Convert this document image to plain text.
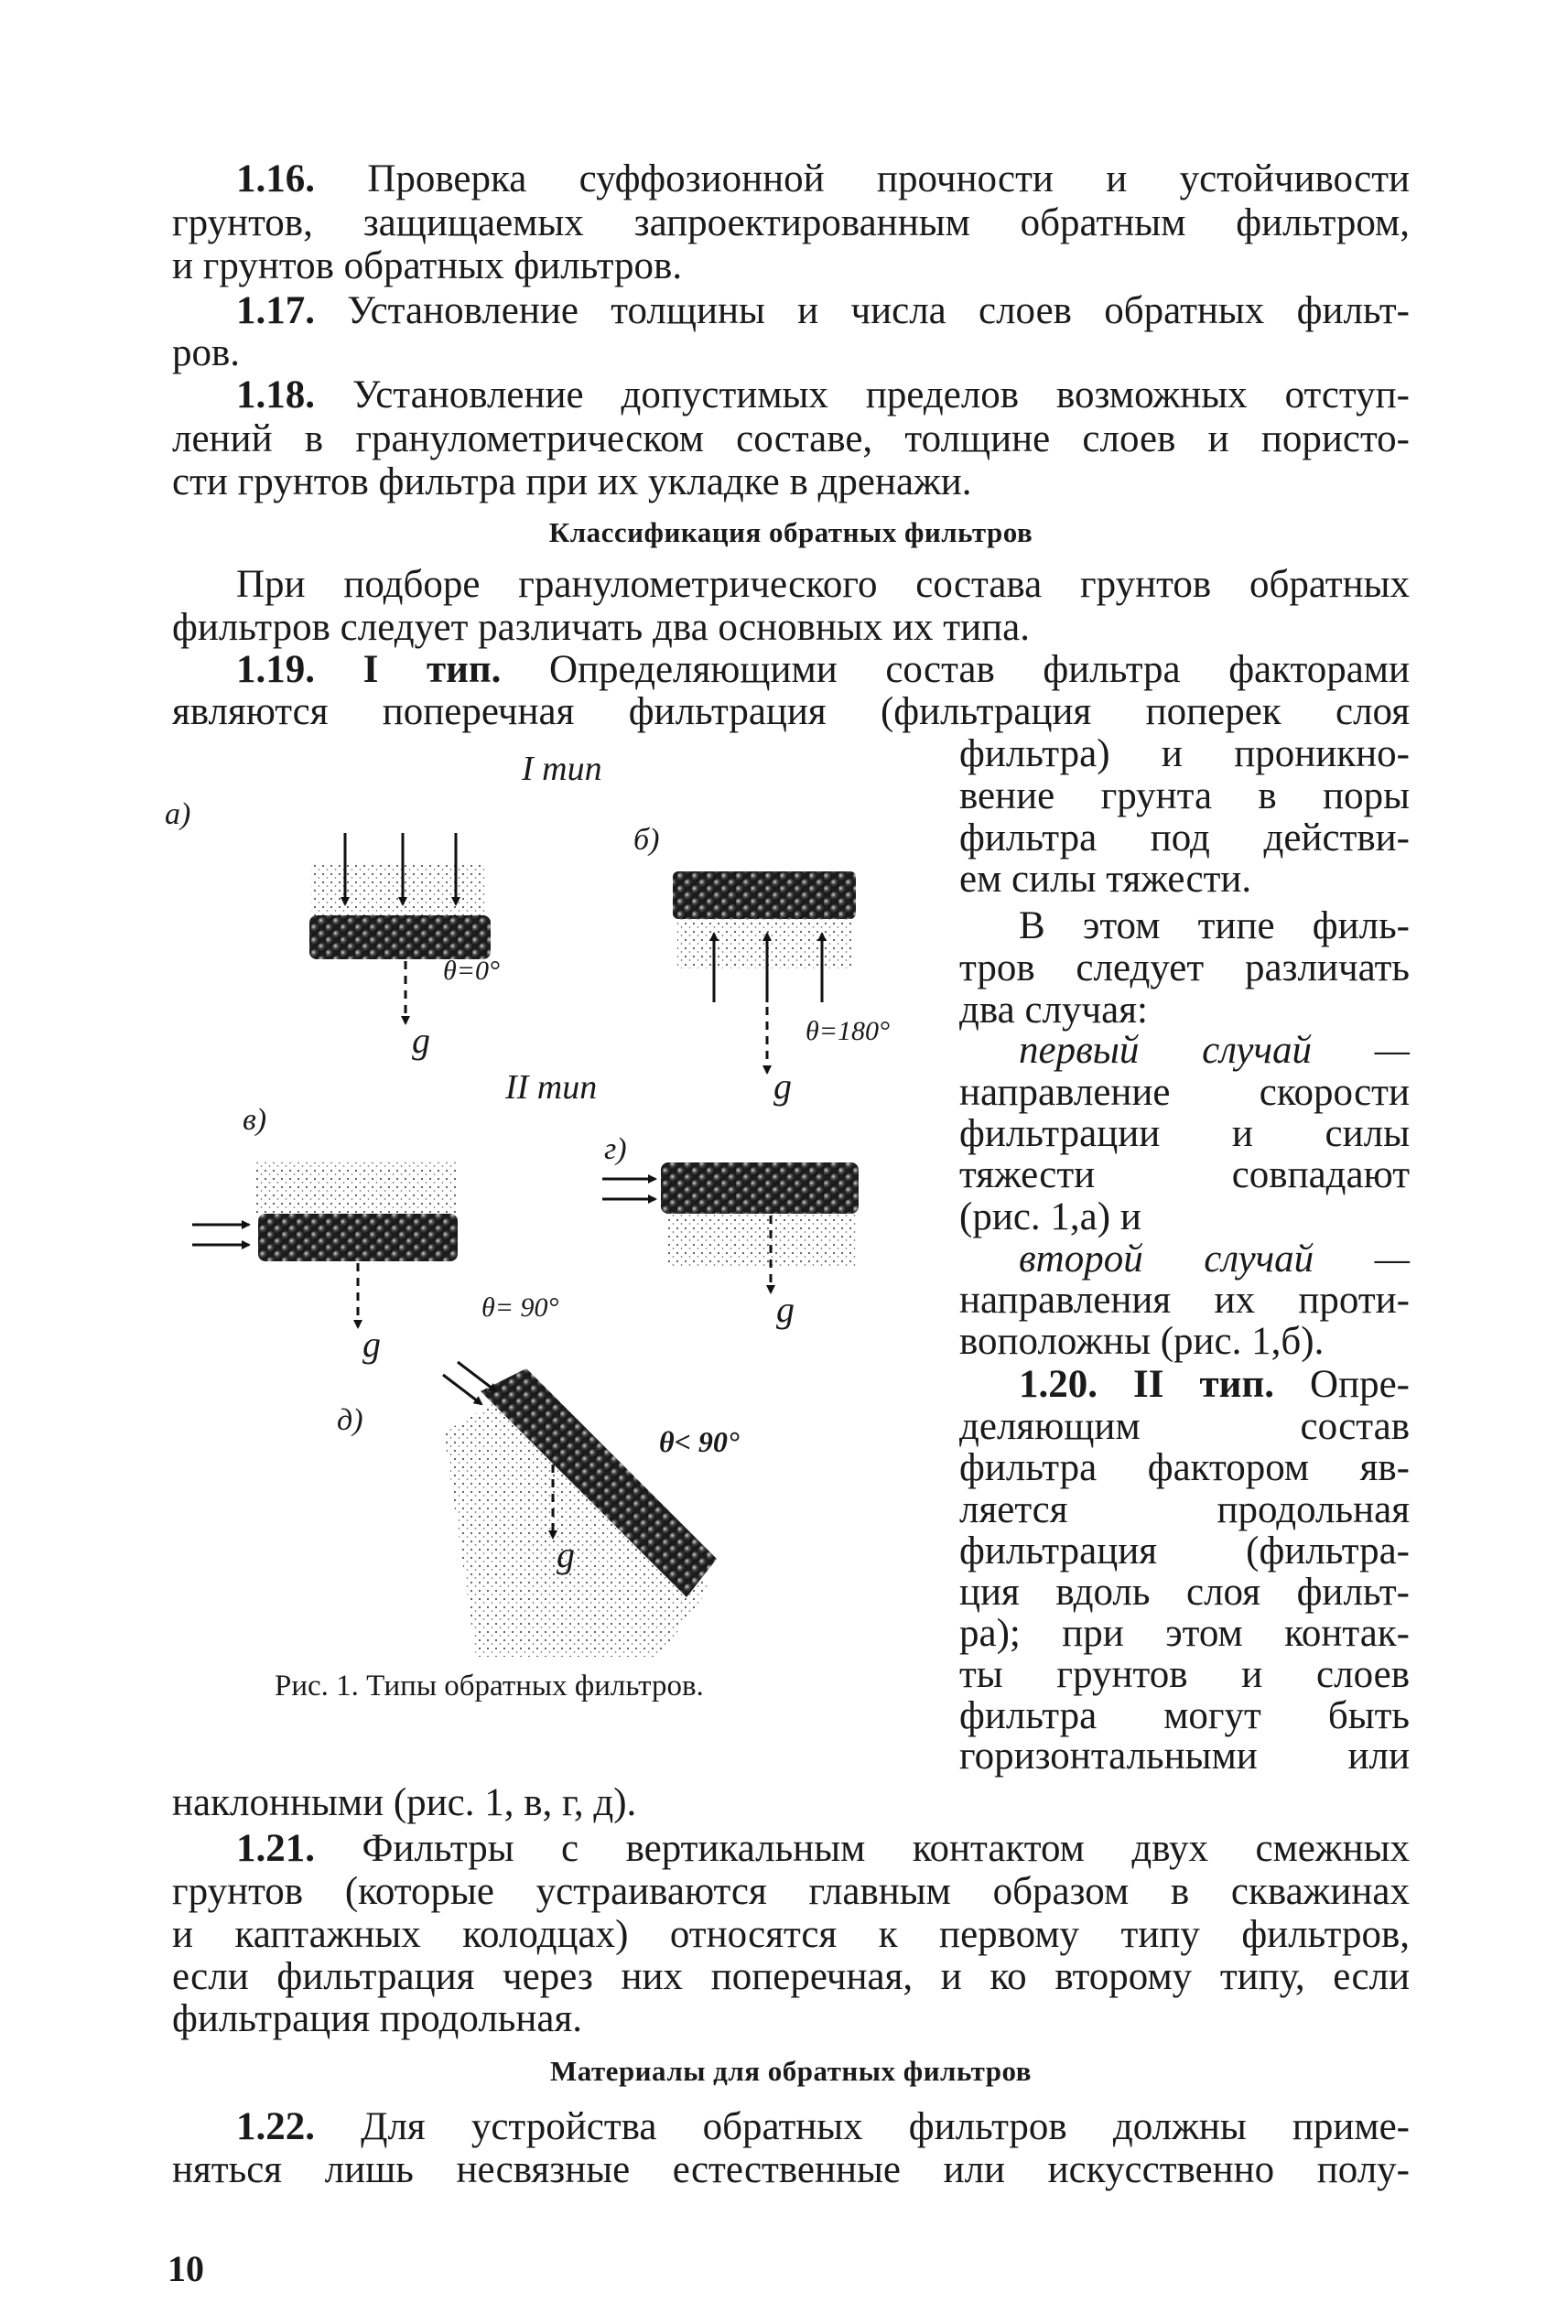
1.16. Проверка суффозионной прочности и устойчивости
грунтов, защищаемых запроектированным обратным фильтром,
и грунтов обратных фильтров.
1.17. Установление толщины и числа слоев обратных фильт-
ров.
1.18. Установление допустимых пределов возможных отступ-
лений в гранулометрическом составе, толщине слоев и пористо-
сти грунтов фильтра при их укладке в дренажи.
Классификация обратных фильтров
При подборе гранулометрического состава грунтов обратных
фильтров следует различать два основных их типа.
1.19. I тип. Определяющими состав фильтра факторами
являются поперечная фильтрация (фильтрация поперек слоя
фильтра) и проникно-
вение грунта в поры
фильтра под действи-
ем силы тяжести.
В этом типе филь-
тров следует различать
два случая:
первый случай —
направление скорости
фильтрации и силы
тяжести совпадают
(рис. 1,а) и
второй случай —
направления их проти-
воположны (рис. 1,б).
1.20. II тип. Опре-
деляющим состав
фильтра фактором яв-
ляется продольная
фильтрация (фильтра-
ция вдоль слоя фильт-
ра); при этом контак-
ты грунтов и слоев
фильтра могут быть
горизонтальными или
наклонными (рис. 1, в, г, д).
1.21. Фильтры с вертикальным контактом двух смежных
грунтов (которые устраиваются главным образом в скважинах
и каптажных колодцах) относятся к первому типу фильтров,
если фильтрация через них поперечная, и ко второму типу, если
фильтрация продольная.
Материалы для обратных фильтров
1.22. Для устройства обратных фильтров должны приме-
няться лишь несвязные естественные или искусственно полу-
I тип
а)
б)
g
θ=0°
g
θ=180°
II тип
в)
г)
g
θ= 90°	g
д)
g
θ< 90°
Рис. 1. Типы обратных фильтров.
10
